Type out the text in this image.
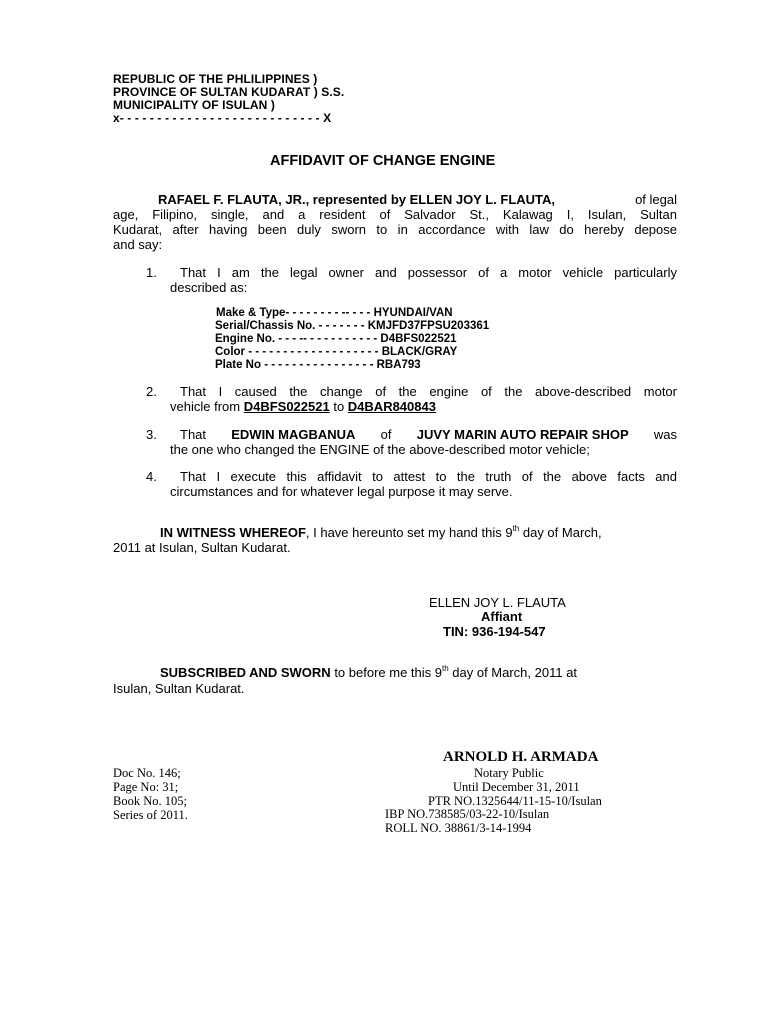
REPUBLIC OF THE PHLILIPPINES )
PROVINCE OF SULTAN KUDARAT ) S.S.
MUNICIPALITY OF ISULAN )
x- - - - - - - - - - - - - - - - - - - - - - - - - - - X
AFFIDAVIT OF CHANGE ENGINE
RAFAEL F. FLAUTA, JR., represented by ELLEN JOY L. FLAUTA,	of legal
age, Filipino, single, and a resident of Salvador St., Kalawag I, Isulan, Sultan
Kudarat, after having been duly sworn to in accordance with law do hereby depose
and say:
1. That I am the legal owner and possessor of a motor vehicle particularly
described as:
Make & Type- - - - - - - - -- - - - HYUNDAI/VAN
Serial/Chassis No. - - - - - - - KMJFD37FPSU203361
Engine No. - - - -- - - - - - - - - - - D4BFS022521
Color - - - - - - - - - - - - - - - - - - - BLACK/GRAY
Plate No - - - - - - - - - - - - - - - - RBA793
2. That I caused the change of the engine of the above-described motor
vehicle from D4BFS022521 to D4BAR840843
3. That EDWIN MAGBANUA of JUVY MARIN AUTO REPAIR SHOP was
the one who changed the ENGINE of the above-described motor vehicle;
4. That I execute this affidavit to attest to the truth of the above facts and
circumstances and for whatever legal purpose it may serve.
IN WITNESS WHEREOF, I have hereunto set my hand this 9th day of March,
2011 at Isulan, Sultan Kudarat.
ELLEN JOY L. FLAUTA
Affiant
TIN: 936-194-547
SUBSCRIBED AND SWORN to before me this 9th day of March, 2011 at
Isulan, Sultan Kudarat.
ARNOLD H. ARMADA
Notary Public
Until December 31, 2011
PTR NO.1325644/11-15-10/Isulan
IBP NO.738585/03-22-10/Isulan
ROLL NO. 38861/3-14-1994
Doc No. 146;
Page No: 31;
Book No. 105;
Series of 2011.
